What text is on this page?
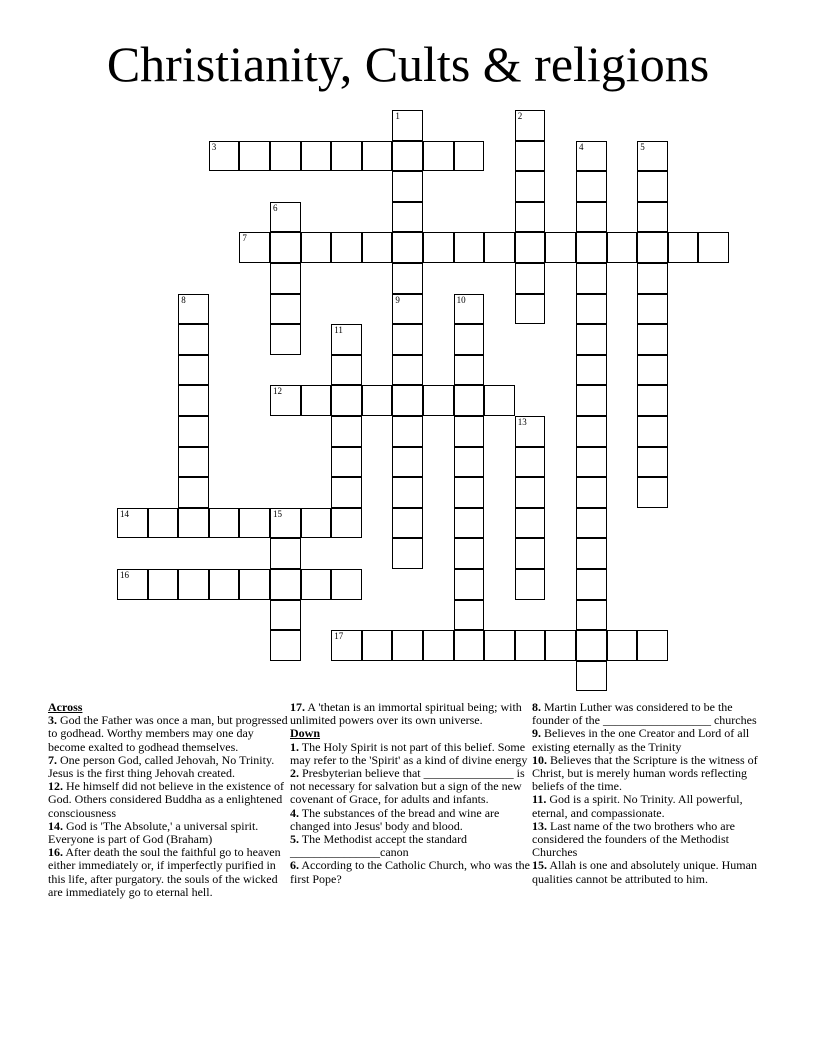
Christianity, Cults & religions
1
9
2
3	4	5
6
7
8	10
11
12
13
14	15
16
17
Across
3. God the Father was once a man, but progressed to godhead. Worthy members may one day become exalted to godhead themselves.
7. One person God, called Jehovah, No Trinity. Jesus is the first thing Jehovah created.
12. He himself did not believe in the existence of God. Others considered Buddha as a enlightened consciousness
14. God is 'The Absolute,' a universal spirit. Everyone is part of God (Braham)
16. After death the soul the faithful go to heaven either immediately or, if imperfectly purified in this life, after purgatory. the souls of the wicked are immediately go to eternal hell.
17. A 'thetan is an immortal spiritual being; with unlimited powers over its own universe.
Down
1. The Holy Spirit is not part of this belief. Some may refer to the 'Spirit' as a kind of divine energy
2. Presbyterian believe that _______________ is not necessary for salvation but a sign of the new covenant of Grace, for adults and infants.
4. The substances of the bread and wine are changed into Jesus' body and blood.
5. The Methodist accept the standard _______________canon
6. According to the Catholic Church, who was the first Pope?
8. Martin Luther was considered to be the founder of the __________________ churches
9. Believes in the one Creator and Lord of all existing eternally as the Trinity
10. Believes that the Scripture is the witness of Christ, but is merely human words reflecting beliefs of the time.
11. God is a spirit. No Trinity. All powerful, eternal, and compassionate.
13. Last name of the two brothers who are considered the founders of the Methodist Churches
15. Allah is one and absolutely unique. Human qualities cannot be attributed to him.
